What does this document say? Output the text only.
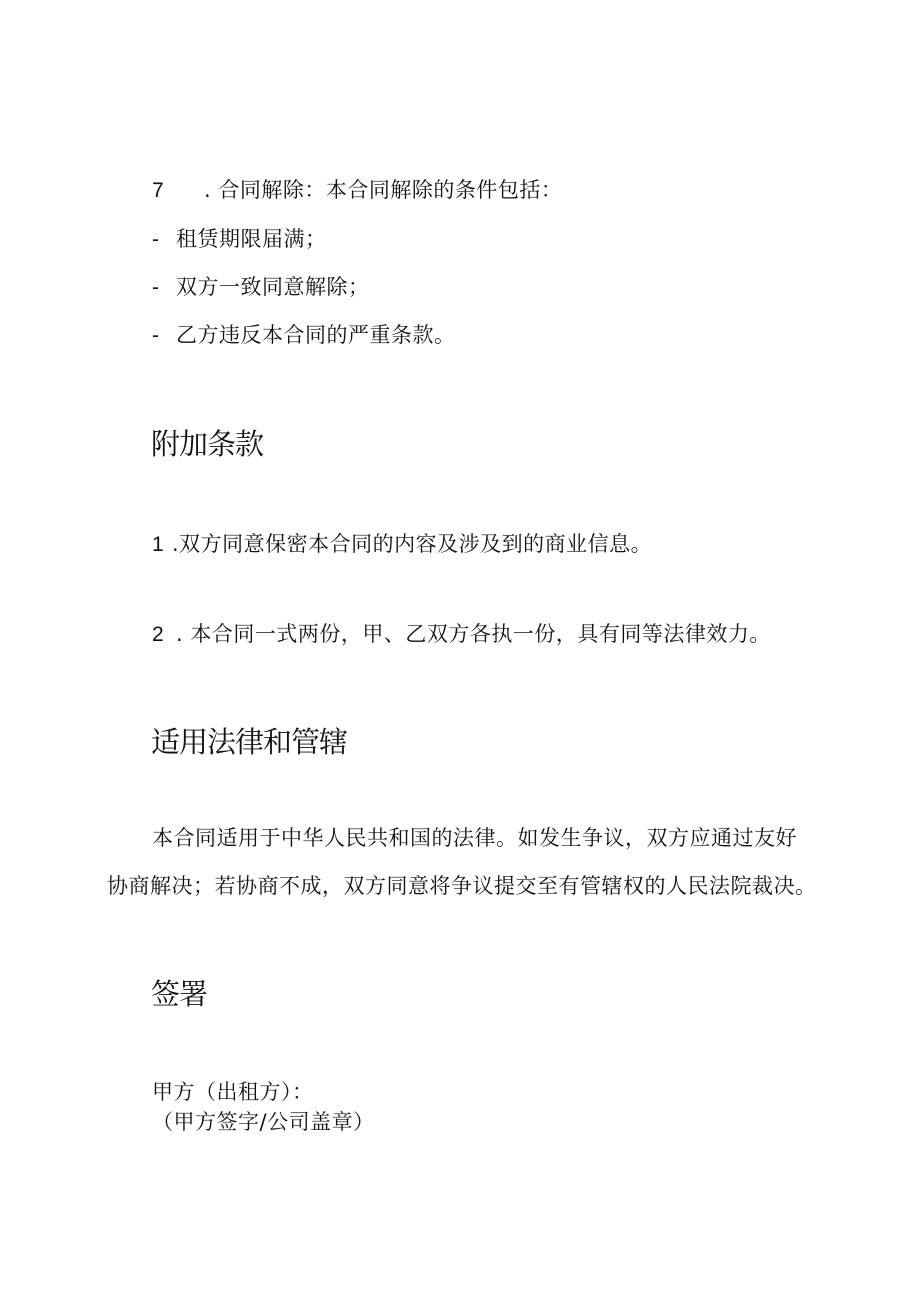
7 . 合同解除：本合同解除的条件包括：
- 租赁期限届满；
- 双方一致同意解除；
- 乙方违反本合同的严重条款。
附加条款
1 .双方同意保密本合同的内容及涉及到的商业信息。
2 . 本合同一式两份，甲、乙双方各执一份，具有同等法律效力。
适用法律和管辖
本合同适用于中华人民共和国的法律。如发生争议，双方应通过友好
协商解决；若协商不成，双方同意将争议提交至有管辖权的人民法院裁决。
签署
甲方（出租方）：
（甲方签字/公司盖章）
